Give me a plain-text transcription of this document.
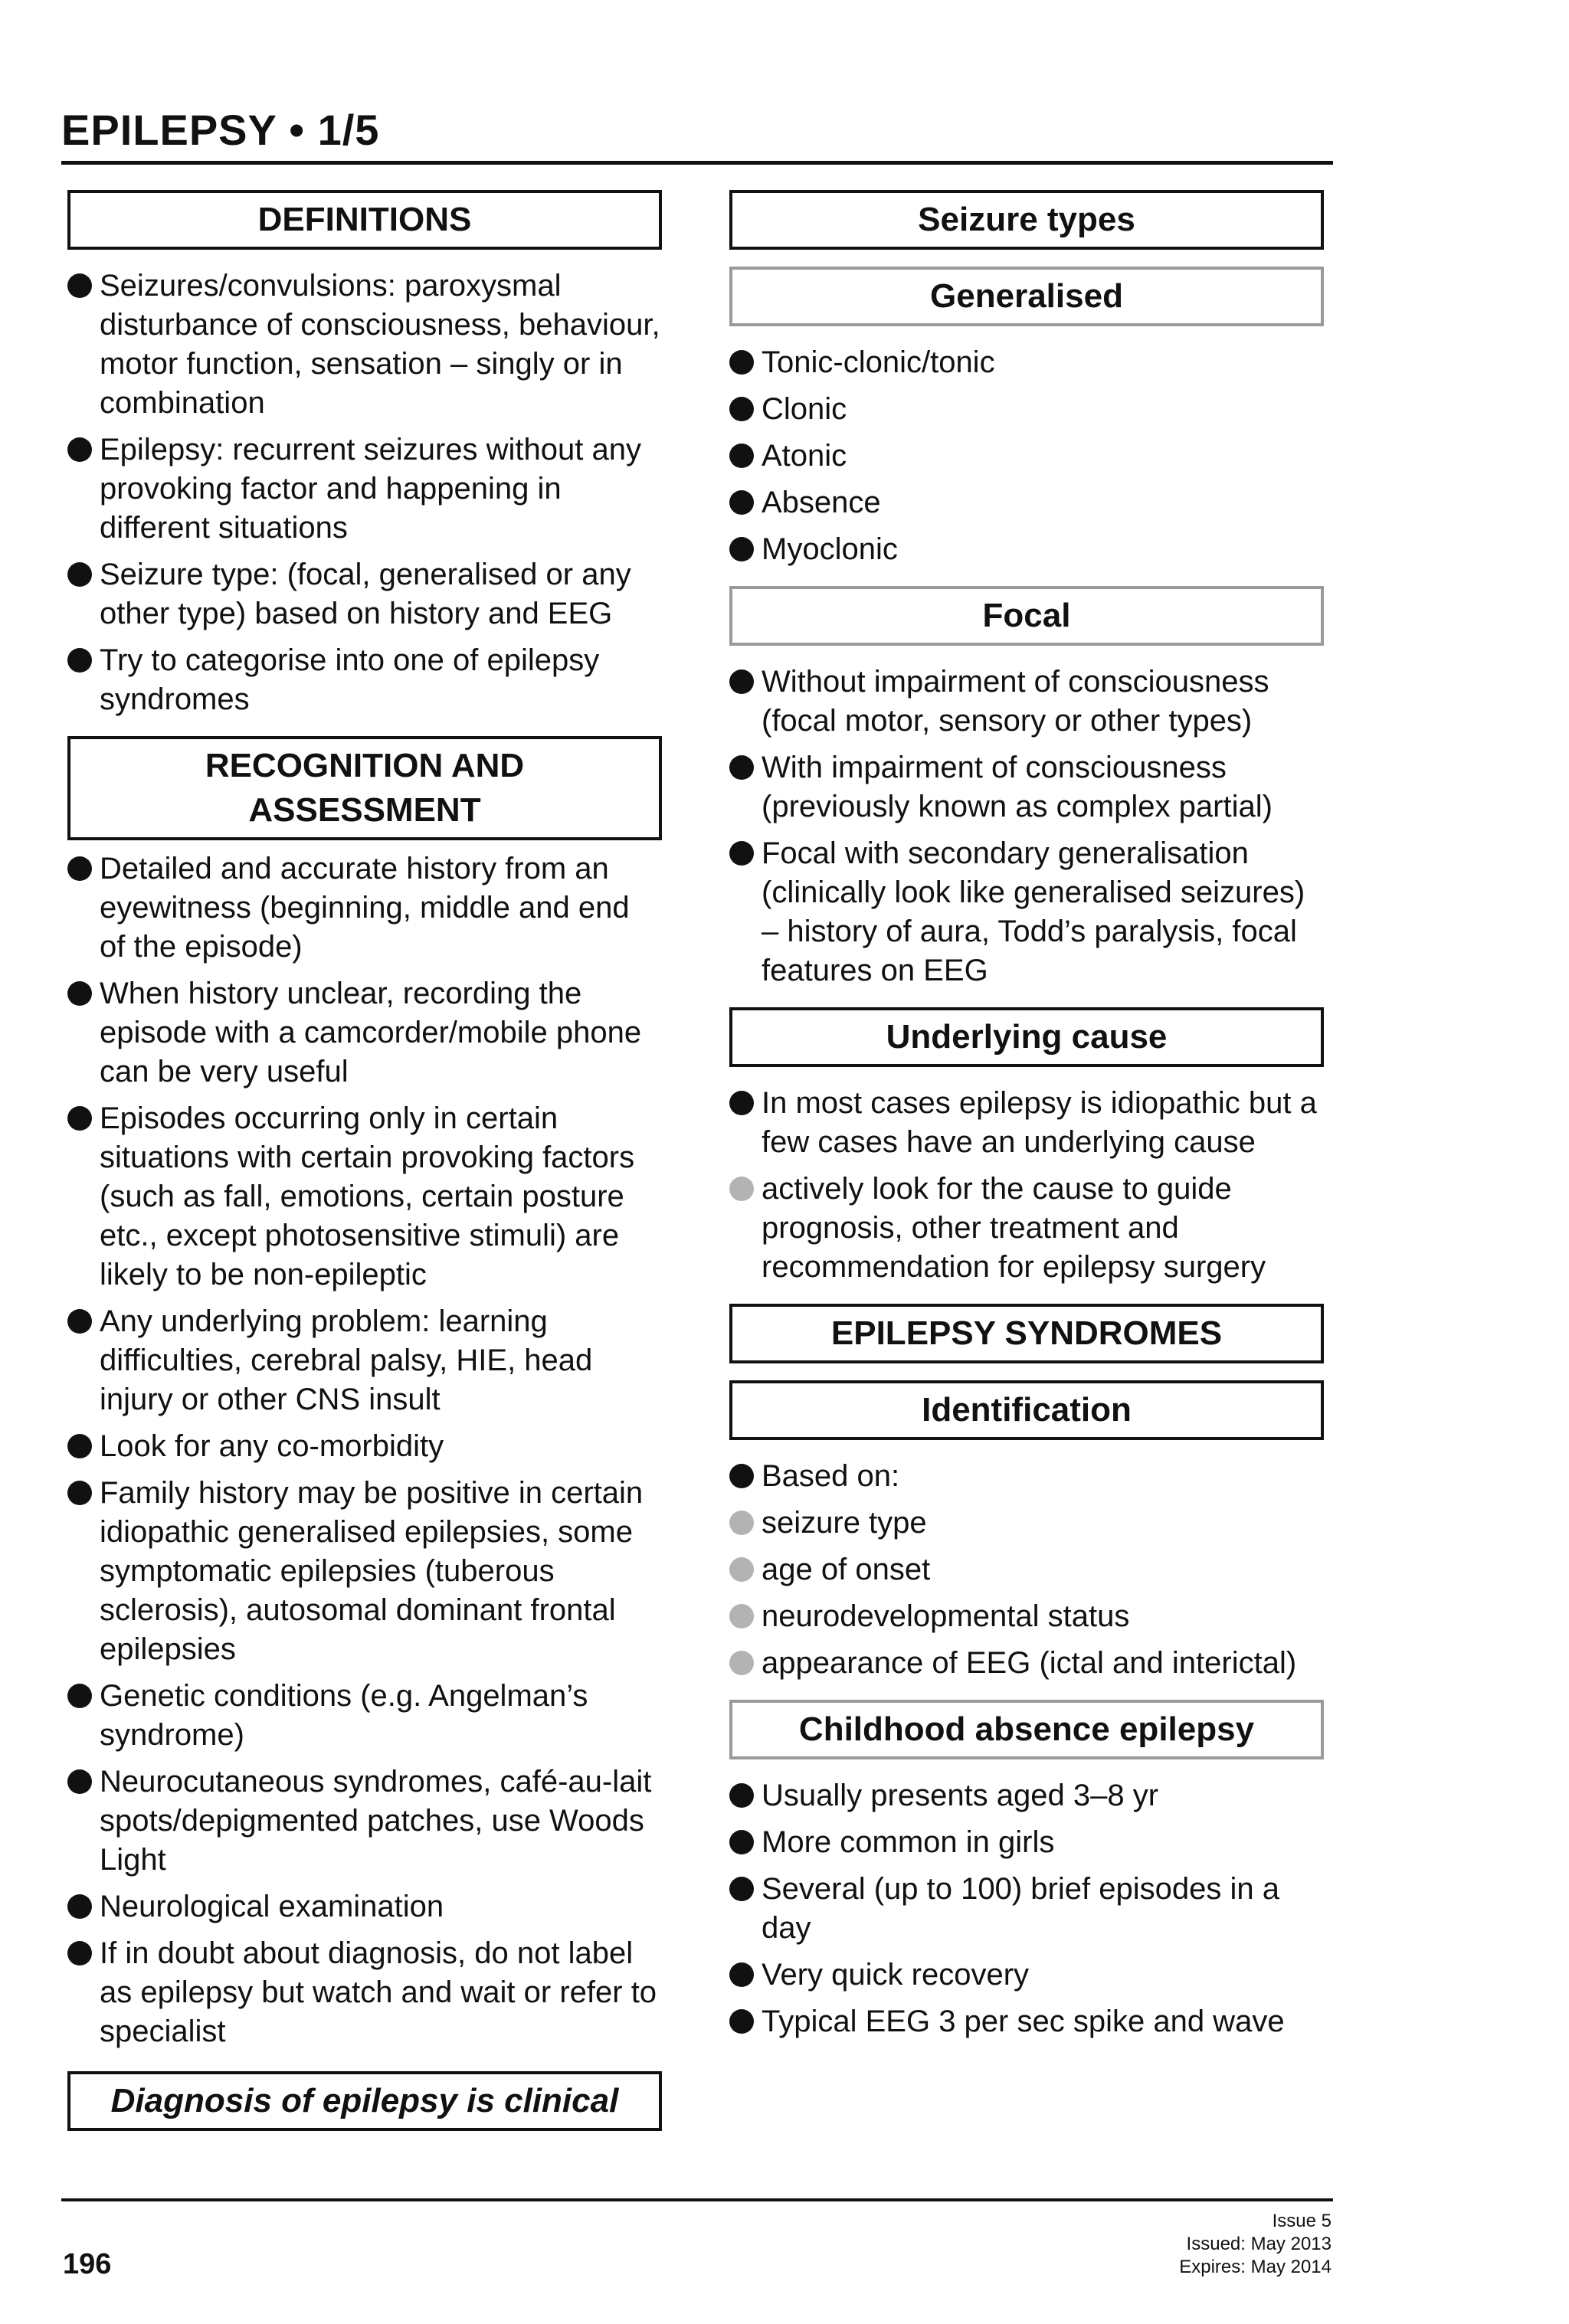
EPILEPSY • 1/5
DEFINITIONS
Seizures/convulsions: paroxysmal disturbance of consciousness, behaviour, motor function, sensation – singly or in combination
Epilepsy: recurrent seizures without any provoking factor and happening in different situations
Seizure type: (focal, generalised or any other type) based on history and EEG
Try to categorise into one of epilepsy syndromes
RECOGNITION AND
ASSESSMENT
Detailed and accurate history from an eyewitness (beginning, middle and end of the episode)
When history unclear, recording the episode with a camcorder/mobile phone can be very useful
Episodes occurring only in certain situations with certain provoking factors (such as fall, emotions, certain posture etc., except photosensitive stimuli) are likely to be non-epileptic
Any underlying problem: learning difficulties, cerebral palsy, HIE, head injury or other CNS insult
Look for any co-morbidity
Family history may be positive in certain idiopathic generalised epilepsies, some symptomatic epilepsies (tuberous sclerosis), autosomal dominant frontal epilepsies
Genetic conditions (e.g. Angelman’s syndrome)
Neurocutaneous syndromes, café-au-lait spots/depigmented patches, use Woods Light
Neurological examination
If in doubt about diagnosis, do not label as epilepsy but watch and wait or refer to specialist
Diagnosis of epilepsy is clinical
Seizure types
Generalised
Tonic-clonic/tonic
Clonic
Atonic
Absence
Myoclonic
Focal
Without impairment of consciousness (focal motor, sensory or other types)
With impairment of consciousness (previously known as complex partial)
Focal with secondary generalisation (clinically look like generalised seizures) – history of aura, Todd’s paralysis, focal features on EEG
Underlying cause
In most cases epilepsy is idiopathic but a few cases have an underlying cause
actively look for the cause to guide prognosis, other treatment and recommendation for epilepsy surgery
EPILEPSY SYNDROMES
Identification
Based on:
seizure type
age of onset
neurodevelopmental status
appearance of EEG (ictal and interictal)
Childhood absence epilepsy
Usually presents aged 3–8 yr
More common in girls
Several (up to 100) brief episodes in a day
Very quick recovery
Typical EEG 3 per sec spike and wave
196
Issue 5
Issued: May 2013
Expires: May 2014
